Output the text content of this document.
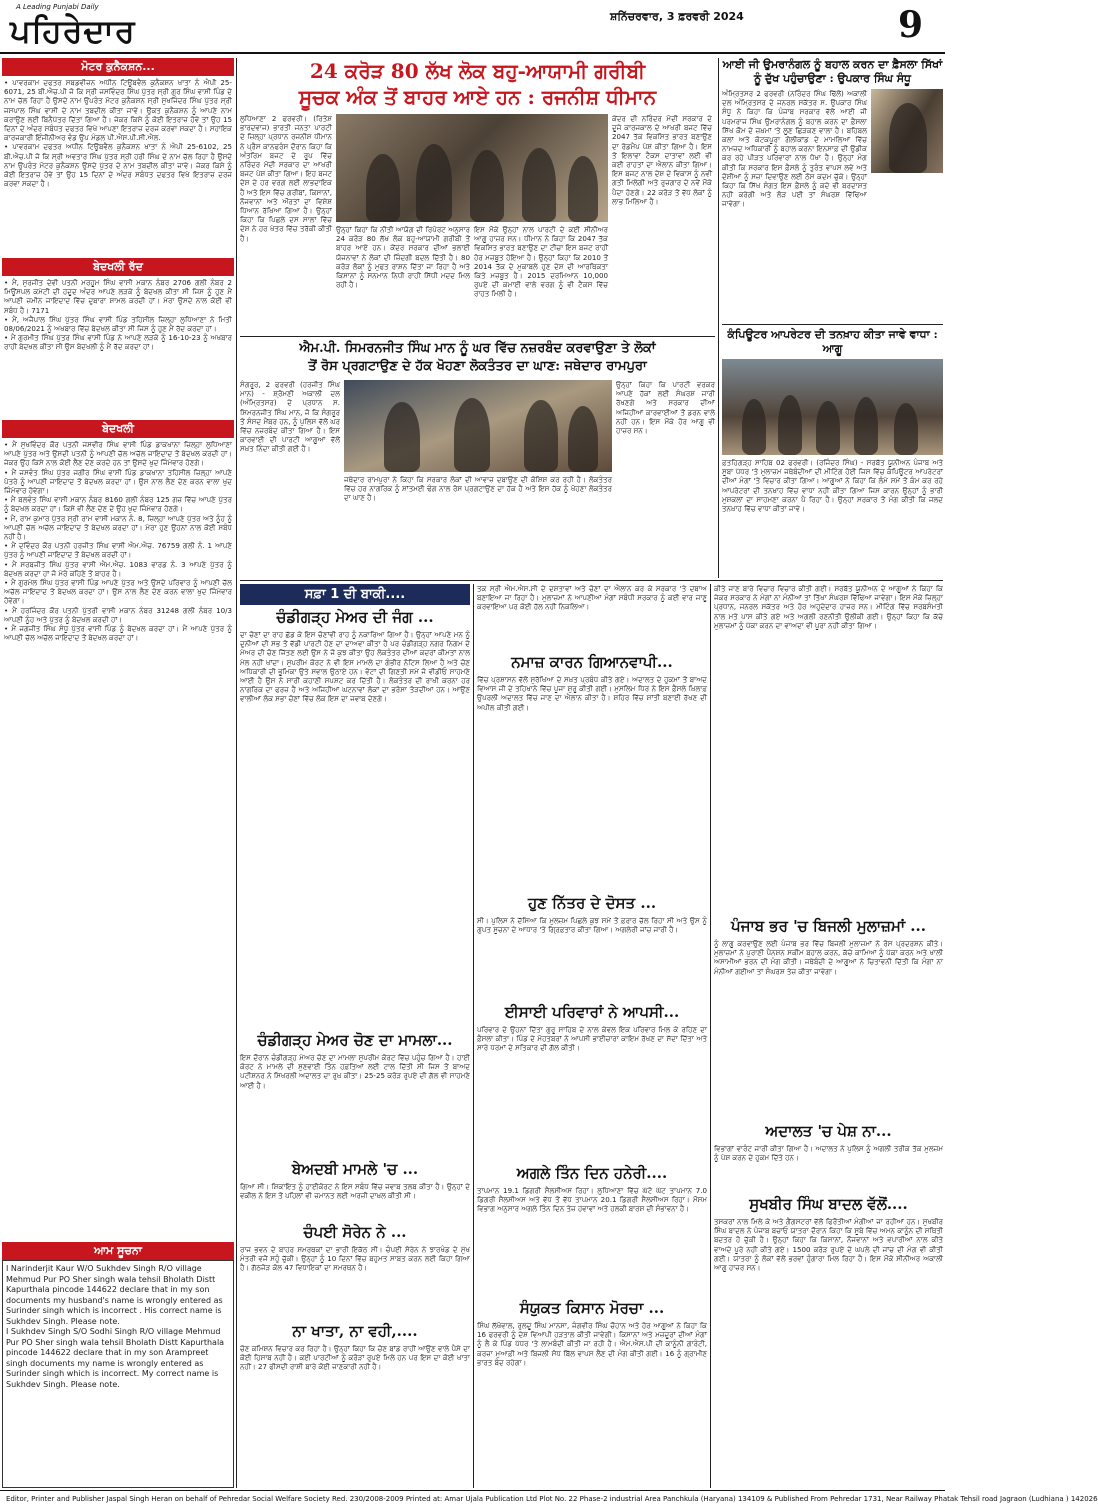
A Leading Punjabi Daily
ਪਹਿਰੇਦਾਰ	ਸ਼ਨਿੱਚਰਵਾਰ, 3 ਫ਼ਰਵਰੀ 2024	9
ਮੋਟਰ ਕੁਨੈਕਸ਼ਨ...
• ਪਾਵਰਕਾਮ ਦਫਤਰ ਸਬਡਵੀਜ਼ਨ ਅਧੀਨ ਟਿਊਬਵੈਲ ਕੁਨੈਕਸ਼ਨ ਖਾਤਾ ਨੰ ਐਪੀ 25-6071, 25 ਬੀ.ਐਚ.ਪੀ ਜੋ ਕਿ ਸ੍ਰੀ ਜਸਵਿੰਦਰ ਸਿੰਘ ਪੁੱਤਰ ਸ੍ਰੀ ਗੁਰ ਸਿੰਘ ਵਾਸੀ ਪਿੰਡ ਦੇ ਨਾਮ ਚੱਲ ਰਿਹਾ ਹੈ ਉਸਦੇ ਨਾਮ ਉਪਰੰਤ ਮੋਟਰ ਕੁਨੈਕਸ਼ਨ ਸ੍ਰੀ ਸੁਖਜਿੰਦਰ ਸਿੰਘ ਪੁੱਤਰ ਸ੍ਰੀ ਜਸਪਾਲ ਸਿੰਘ ਵਾਸੀ ਦੇ ਨਾਮ ਤਬਦੀਲ ਕੀਤਾ ਜਾਵੇ। ਉਕਤ ਕੁਨੈਕਸ਼ਨ ਨੂੰ ਆਪਣੇ ਨਾਮ ਕਰਾਉਣ ਲਈ ਬਿਨੈਪੱਤਰ ਦਿੱਤਾ ਗਿਆ ਹੈ। ਜੇਕਰ ਕਿਸੇ ਨੂੰ ਕੋਈ ਇਤਰਾਜ਼ ਹੋਵੇ ਤਾਂ ਉਹ 15 ਦਿਨਾਂ ਦੇ ਅੰਦਰ ਸਬੰਧਤ ਦਫਤਰ ਵਿਖੇ ਆਪਣਾ ਇਤਰਾਜ਼ ਦਰਜ ਕਰਵਾ ਸਕਦਾ ਹੈ। ਸਹਾਇਕ ਕਾਰਜਕਾਰੀ ਇੰਜੀਨੀਅਰ ਵੰਡ ਉਪ ਮੰਡਲ ਪੀ.ਐਸ.ਪੀ.ਸੀ.ਐਲ.
• ਪਾਵਰਕਾਮ ਦਫਤਰ ਅਧੀਨ ਟਿਊਬਵੈਲ ਕੁਨੈਕਸ਼ਨ ਖਾਤਾ ਨੰ ਐਪੀ 25-6102, 25 ਬੀ.ਐਚ.ਪੀ ਜੋ ਕਿ ਸ੍ਰੀ ਅਵਤਾਰ ਸਿੰਘ ਪੁੱਤਰ ਸ੍ਰੀ ਹਰੀ ਸਿੰਘ ਦੇ ਨਾਮ ਚੱਲ ਰਿਹਾ ਹੈ ਉਸਦੇ ਨਾਮ ਉਪਰੰਤ ਮੋਟਰ ਕੁਨੈਕਸ਼ਨ ਉਸਦੇ ਪੁੱਤਰ ਦੇ ਨਾਮ ਤਬਦੀਲ ਕੀਤਾ ਜਾਵੇ। ਜੇਕਰ ਕਿਸੇ ਨੂੰ ਕੋਈ ਇਤਰਾਜ਼ ਹੋਵੇ ਤਾਂ ਉਹ 15 ਦਿਨਾਂ ਦੇ ਅੰਦਰ ਸਬੰਧਤ ਦਫਤਰ ਵਿਖੇ ਇਤਰਾਜ਼ ਦਰਜ ਕਰਵਾ ਸਕਦਾ ਹੈ।
ਬੇਦਖਲੀ ਰੱਦ
• ਮੈਂ, ਸੁਰਜੀਤ ਦੇਵੀ ਪਤਨੀ ਮਰਹੂਮ ਸਿੰਘ ਵਾਸੀ ਮਕਾਨ ਨੰਬਰ 2706 ਗਲੀ ਨੰਬਰ 2 ਮਿਊਂਸਪਲ ਕਮੇਟੀ ਦੀ ਹਦੂਦ ਅੰਦਰ ਆਪਣੇ ਲੜਕੇ ਨੂੰ ਬੇਦਖਲ ਕੀਤਾ ਸੀ ਜਿਸ ਨੂੰ ਹੁਣ ਮੈਂ ਆਪਣੀ ਜ਼ਮੀਨ ਜਾਇਦਾਦ ਵਿੱਚ ਦੁਬਾਰਾ ਸ਼ਾਮਲ ਕਰਦੀ ਹਾਂ। ਮੇਰਾ ਉਸਦੇ ਨਾਲ ਕੋਈ ਵੀ ਸਬੰਧ ਹੈ। 7171
• ਮੈਂ, ਅਜੈਪਾਲ ਸਿੰਘ ਪੁੱਤਰ ਸਿੰਘ ਵਾਸੀ ਪਿੰਡ ਤਹਿਸੀਲ ਜ਼ਿਲ੍ਹਾ ਲੁਧਿਆਣਾ ਨੇ ਮਿਤੀ 08/06/2021 ਨੂੰ ਅਖਬਾਰ ਵਿੱਚ ਬੇਦਖਲ ਕੀਤਾ ਸੀ ਜਿਸ ਨੂੰ ਹੁਣ ਮੈਂ ਰੱਦ ਕਰਦਾ ਹਾਂ।
• ਮੈਂ ਗੁਰਮੀਤ ਸਿੰਘ ਪੁੱਤਰ ਸਿੰਘ ਵਾਸੀ ਪਿੰਡ ਨੇ ਆਪਣੇ ਲੜਕੇ ਨੂੰ 16-10-23 ਨੂੰ ਅਖਬਾਰ ਰਾਹੀਂ ਬੇਦਖਲ ਕੀਤਾ ਸੀ ਉਸ ਬੇਦਖਲੀ ਨੂੰ ਮੈਂ ਰੱਦ ਕਰਦਾ ਹਾਂ।
ਬੇਦਖਲੀ
• ਮੈਂ ਸੁਖਵਿੰਦਰ ਕੌਰ ਪਤਨੀ ਜਸਵੀਰ ਸਿੰਘ ਵਾਸੀ ਪਿੰਡ ਡਾਕਖਾਨਾ ਜ਼ਿਲ੍ਹਾ ਲੁਧਿਆਣਾ ਆਪਣੇ ਪੁੱਤਰ ਅਤੇ ਉਸਦੀ ਪਤਨੀ ਨੂੰ ਆਪਣੀ ਚੱਲ ਅਚੱਲ ਜਾਇਦਾਦ ਤੋਂ ਬੇਦਖਲ ਕਰਦੀ ਹਾਂ। ਜੇਕਰ ਉਹ ਕਿਸੇ ਨਾਲ ਕੋਈ ਲੈਣ ਦੇਣ ਕਰਦੇ ਹਨ ਤਾਂ ਉਸਦੇ ਖੁਦ ਜਿੰਮੇਵਾਰ ਹੋਣਗੇ।
• ਮੈਂ ਜਸਵੰਤ ਸਿੰਘ ਪੁੱਤਰ ਜਗੀਰ ਸਿੰਘ ਵਾਸੀ ਪਿੰਡ ਡਾਕਖਾਨਾ ਤਹਿਸੀਲ ਜ਼ਿਲ੍ਹਾ ਆਪਣੇ ਪੋਤਰੇ ਨੂੰ ਆਪਣੀ ਜਾਇਦਾਦ ਤੋਂ ਬੇਦਖਲ ਕਰਦਾ ਹਾਂ। ਉਸ ਨਾਲ ਲੈਣ ਦੇਣ ਕਰਨ ਵਾਲਾ ਖੁਦ ਜਿੰਮੇਵਾਰ ਹੋਵੇਗਾ।
• ਮੈਂ ਬਲਵੰਤ ਸਿੰਘ ਵਾਸੀ ਮਕਾਨ ਨੰਬਰ 8160 ਗਲੀ ਨੰਬਰ 125 ਗਜ਼ ਵਿੱਚ ਆਪਣੇ ਪੁੱਤਰ ਨੂੰ ਬੇਦਖਲ ਕਰਦਾ ਹਾਂ। ਕਿਸੇ ਵੀ ਲੈਣ ਦੇਣ ਦੇ ਉਹ ਖੁਦ ਜਿੰਮੇਵਾਰ ਹੋਣਗੇ।
• ਮੈਂ, ਰਾਮ ਕੁਮਾਰ ਪੁੱਤਰ ਸ੍ਰੀ ਰਾਮ ਵਾਸੀ ਮਕਾਨ ਨੰ. 8, ਜ਼ਿਲ੍ਹਾ ਆਪਣੇ ਪੁੱਤਰ ਅਤੇ ਨੂੰਹ ਨੂੰ ਆਪਣੀ ਚੱਲ ਅਚੱਲ ਜਾਇਦਾਦ ਤੋਂ ਬੇਦਖਲ ਕਰਦਾ ਹਾਂ। ਮੇਰਾ ਹੁਣ ਉਹਨਾਂ ਨਾਲ ਕੋਈ ਸਬੰਧ ਨਹੀਂ ਹੈ।
• ਮੈਂ ਦਵਿੰਦਰ ਕੌਰ ਪਤਨੀ ਹਰਜੀਤ ਸਿੰਘ ਵਾਸੀ ਐਮ.ਐਚ. 76759 ਗਲੀ ਨੰ. 1 ਆਪਣੇ ਪੁੱਤਰ ਨੂੰ ਆਪਣੀ ਜਾਇਦਾਦ ਤੋਂ ਬੇਦਖਲ ਕਰਦੀ ਹਾਂ।
• ਮੈਂ ਸਰਬਜੀਤ ਸਿੰਘ ਪੁੱਤਰ ਵਾਸੀ ਐਮ.ਐਚ. 1083 ਵਾਰਡ ਨੰ. 3 ਆਪਣੇ ਪੁੱਤਰ ਨੂੰ ਬੇਦਖਲ ਕਰਦਾ ਹਾਂ ਜੋ ਮੇਰੇ ਕਹਿਣੇ ਤੋਂ ਬਾਹਰ ਹੈ।
• ਮੈਂ ਗੁਰਮੇਲ ਸਿੰਘ ਪੁੱਤਰ ਵਾਸੀ ਪਿੰਡ ਆਪਣੇ ਪੁੱਤਰ ਅਤੇ ਉਸਦੇ ਪਰਿਵਾਰ ਨੂੰ ਆਪਣੀ ਚੱਲ ਅਚੱਲ ਜਾਇਦਾਦ ਤੋਂ ਬੇਦਖਲ ਕਰਦਾ ਹਾਂ। ਉਸ ਨਾਲ ਲੈਣ ਦੇਣ ਕਰਨ ਵਾਲਾ ਖੁਦ ਜਿੰਮੇਵਾਰ ਹੋਵੇਗਾ।
• ਮੈਂ ਹਰਜਿੰਦਰ ਕੌਰ ਪਤਨੀ ਪੁੱਤਰੀ ਵਾਸੀ ਮਕਾਨ ਨੰਬਰ 31248 ਗਲੀ ਨੰਬਰ 10/3 ਆਪਣੀ ਨੂੰਹ ਅਤੇ ਪੁੱਤਰ ਨੂੰ ਬੇਦਖਲ ਕਰਦੀ ਹਾਂ।
• ਮੈਂ ਜਗਜੀਤ ਸਿੰਘ ਸੰਧੂ ਪੁੱਤਰ ਵਾਸੀ ਪਿੰਡ ਨੂੰ ਬੇਦਖਲ ਕਰਦਾ ਹਾਂ। ਮੈਂ ਆਪਣੇ ਪੁੱਤਰ ਨੂੰ ਆਪਣੀ ਚੱਲ ਅਚੱਲ ਜਾਇਦਾਦ ਤੋਂ ਬੇਦਖਲ ਕਰਦਾ ਹਾਂ।
ਆਮ ਸੂਚਨਾ
I Narinderjit Kaur W/O Sukhdev Singh R/O village Mehmud Pur PO Sher singh wala tehsil Bholath Distt Kapurthala pincode 144622 declare that in my son documents my husband's name is wrongly entered as Surinder singh which is incorrect . His correct name is Sukhdev Singh. Please note.
I Sukhdev Singh S/O Sodhi Singh R/O village Mehmud Pur PO Sher singh wala tehsil Bholath Distt Kapurthala pincode 144622 declare that in my son Arampreet singh documents my name is wrongly entered as Surinder singh which is incorrect. My correct name is Sukhdev Singh. Please note.
24 ਕਰੋੜ 80 ਲੱਖ ਲੋਕ ਬਹੁ-ਆਯਾਮੀ ਗਰੀਬੀ
ਸੂਚਕ ਅੰਕ ਤੋਂ ਬਾਹਰ ਆਏ ਹਨ : ਰਜਨੀਸ਼ ਧੀਮਾਨ
ਲੁਧਿਆਣਾ 2 ਫਰਵਰੀ। (ਰਿਤੇਸ਼ ਭਾਰਦਵਾਜ) ਭਾਰਤੀ ਜਨਤਾ ਪਾਰਟੀ ਦੇ ਜ਼ਿਲ੍ਹਾ ਪ੍ਰਧਾਨ ਰਜਨੀਸ਼ ਧੀਮਾਨ ਨੇ ਪ੍ਰੈਸ ਕਾਨਫਰੰਸ ਦੌਰਾਨ ਕਿਹਾ ਕਿ ਅੰਤਰਿਮ ਬਜਟ ਦੇ ਰੂਪ ਵਿੱਚ ਨਰਿੰਦਰ ਮੋਦੀ ਸਰਕਾਰ ਦਾ ਆਖਰੀ ਬਜਟ ਪੇਸ਼ ਕੀਤਾ ਗਿਆ। ਇਹ ਬਜਟ ਦੇਸ਼ ਦੇ ਹਰ ਵਰਗ ਲਈ ਲਾਭਦਾਇਕ ਹੈ ਅਤੇ ਇਸ ਵਿੱਚ ਗਰੀਬਾਂ, ਕਿਸਾਨਾਂ, ਨੌਜਵਾਨਾਂ ਅਤੇ ਔਰਤਾਂ ਦਾ ਵਿਸ਼ੇਸ਼ ਧਿਆਨ ਰੱਖਿਆ ਗਿਆ ਹੈ। ਉਨ੍ਹਾਂ ਕਿਹਾ ਕਿ ਪਿਛਲੇ ਦਸ ਸਾਲਾਂ ਵਿੱਚ ਦੇਸ਼ ਨੇ ਹਰ ਖੇਤਰ ਵਿੱਚ ਤਰੱਕੀ ਕੀਤੀ ਹੈ।
ਉਨ੍ਹਾਂ ਕਿਹਾ ਕਿ ਨੀਤੀ ਆਯੋਗ ਦੀ ਰਿਪੋਰਟ ਅਨੁਸਾਰ 24 ਕਰੋੜ 80 ਲੱਖ ਲੋਕ ਬਹੁ-ਆਯਾਮੀ ਗਰੀਬੀ ਤੋਂ ਬਾਹਰ ਆਏ ਹਨ। ਕੇਂਦਰ ਸਰਕਾਰ ਦੀਆਂ ਭਲਾਈ ਯੋਜਨਾਵਾਂ ਨੇ ਲੋਕਾਂ ਦੀ ਜ਼ਿੰਦਗੀ ਬਦਲ ਦਿੱਤੀ ਹੈ। 80 ਕਰੋੜ ਲੋਕਾਂ ਨੂੰ ਮੁਫਤ ਰਾਸ਼ਨ ਦਿੱਤਾ ਜਾ ਰਿਹਾ ਹੈ ਅਤੇ ਕਿਸਾਨਾਂ ਨੂੰ ਸਨਮਾਨ ਨਿਧੀ ਰਾਹੀਂ ਸਿੱਧੀ ਮਦਦ ਮਿਲ ਰਹੀ ਹੈ।
ਇਸ ਮੌਕੇ ਉਨ੍ਹਾਂ ਨਾਲ ਪਾਰਟੀ ਦੇ ਕਈ ਸੀਨੀਅਰ ਆਗੂ ਹਾਜ਼ਰ ਸਨ। ਧੀਮਾਨ ਨੇ ਕਿਹਾ ਕਿ 2047 ਤੱਕ ਵਿਕਸਿਤ ਭਾਰਤ ਬਣਾਉਣ ਦਾ ਟੀਚਾ ਇਸ ਬਜਟ ਰਾਹੀਂ ਹੋਰ ਮਜ਼ਬੂਤ ਹੋਇਆ ਹੈ। ਉਨ੍ਹਾਂ ਕਿਹਾ ਕਿ 2010 ਤੋਂ 2014 ਤੱਕ ਦੇ ਮੁਕਾਬਲੇ ਹੁਣ ਦੇਸ਼ ਦੀ ਆਰਥਿਕਤਾ ਕਿਤੇ ਮਜ਼ਬੂਤ ਹੈ। 2015 ਦਰਮਿਆਨ 10,000 ਰੁਪਏ ਦੀ ਕਮਾਈ ਵਾਲੇ ਵਰਗ ਨੂੰ ਵੀ ਟੈਕਸ ਵਿੱਚ ਰਾਹਤ ਮਿਲੀ ਹੈ।
ਕੇਂਦਰ ਦੀ ਨਰਿੰਦਰ ਮੋਦੀ ਸਰਕਾਰ ਦੇ ਦੂਜੇ ਕਾਰਜਕਾਲ ਦੇ ਆਖਰੀ ਬਜਟ ਵਿੱਚ 2047 ਤੱਕ ਵਿਕਸਿਤ ਭਾਰਤ ਬਣਾਉਣ ਦਾ ਰੋਡਮੈਪ ਪੇਸ਼ ਕੀਤਾ ਗਿਆ ਹੈ। ਇਸ ਤੋਂ ਇਲਾਵਾ ਟੈਕਸ ਦਾਤਾਵਾਂ ਲਈ ਵੀ ਕਈ ਰਾਹਤਾਂ ਦਾ ਐਲਾਨ ਕੀਤਾ ਗਿਆ। ਇਸ ਬਜਟ ਨਾਲ ਦੇਸ਼ ਦੇ ਵਿਕਾਸ ਨੂੰ ਨਵੀਂ ਗਤੀ ਮਿਲੇਗੀ ਅਤੇ ਰੁਜ਼ਗਾਰ ਦੇ ਨਵੇਂ ਮੌਕੇ ਪੈਦਾ ਹੋਣਗੇ। 22 ਕਰੋੜ ਤੋਂ ਵੱਧ ਲੋਕਾਂ ਨੂੰ ਲਾਭ ਮਿਲਿਆ ਹੈ।
ਐਮ.ਪੀ. ਸਿਮਰਨਜੀਤ ਸਿੰਘ ਮਾਨ ਨੂੰ ਘਰ ਵਿੱਚ ਨਜ਼ਰਬੰਦ ਕਰਵਾਉਣਾ ਤੇ ਲੋਕਾਂ
ਤੋਂ ਰੋਸ ਪ੍ਰਗਟਾਉਣ ਦੇ ਹੱਕ ਖੋਹਣਾ ਲੋਕਤੰਤਰ ਦਾ ਘਾਣ: ਜਥੇਦਾਰ ਰਾਮਪੁਰਾ
ਸੰਗਰੂਰ, 2 ਫਰਵਰੀ (ਹਰਜੀਤ ਸਿੰਘ ਮਾਨ) - ਸ਼੍ਰੋਮਣੀ ਅਕਾਲੀ ਦਲ (ਅੰਮ੍ਰਿਤਸਰ) ਦੇ ਪ੍ਰਧਾਨ ਸ. ਸਿਮਰਨਜੀਤ ਸਿੰਘ ਮਾਨ, ਜੋ ਕਿ ਸੰਗਰੂਰ ਤੋਂ ਸੰਸਦ ਮੈਂਬਰ ਹਨ, ਨੂੰ ਪੁਲਿਸ ਵੱਲੋਂ ਘਰ ਵਿੱਚ ਨਜ਼ਰਬੰਦ ਕੀਤਾ ਗਿਆ ਹੈ। ਇਸ ਕਾਰਵਾਈ ਦੀ ਪਾਰਟੀ ਆਗੂਆਂ ਵੱਲੋਂ ਸਖ਼ਤ ਨਿੰਦਾ ਕੀਤੀ ਗਈ ਹੈ।
ਜਥੇਦਾਰ ਰਾਮਪੁਰਾ ਨੇ ਕਿਹਾ ਕਿ ਸਰਕਾਰ ਲੋਕਾਂ ਦੀ ਆਵਾਜ਼ ਦਬਾਉਣ ਦੀ ਕੋਸ਼ਿਸ਼ ਕਰ ਰਹੀ ਹੈ। ਲੋਕਤੰਤਰ ਵਿੱਚ ਹਰ ਨਾਗਰਿਕ ਨੂੰ ਸ਼ਾਂਤਮਈ ਢੰਗ ਨਾਲ ਰੋਸ ਪ੍ਰਗਟਾਉਣ ਦਾ ਹੱਕ ਹੈ ਅਤੇ ਇਸ ਹੱਕ ਨੂੰ ਖੋਹਣਾ ਲੋਕਤੰਤਰ ਦਾ ਘਾਣ ਹੈ।
ਉਨ੍ਹਾਂ ਕਿਹਾ ਕਿ ਪਾਰਟੀ ਵਰਕਰ ਆਪਣੇ ਹੱਕਾਂ ਲਈ ਸੰਘਰਸ਼ ਜਾਰੀ ਰੱਖਣਗੇ ਅਤੇ ਸਰਕਾਰ ਦੀਆਂ ਅਜਿਹੀਆਂ ਕਾਰਵਾਈਆਂ ਤੋਂ ਡਰਨ ਵਾਲੇ ਨਹੀਂ ਹਨ। ਇਸ ਮੌਕੇ ਹੋਰ ਆਗੂ ਵੀ ਹਾਜ਼ਰ ਸਨ।
ਆਈ ਜੀ ਉਮਰਾਨੰਗਲ ਨੂੰ ਬਹਾਲ ਕਰਨ ਦਾ ਫ਼ੈਸਲਾ ਸਿੱਖਾਂ ਨੂੰ ਦੁੱਖ ਪਹੁੰਚਾਉਣਾ : ਉਪਕਾਰ ਸਿੰਘ ਸੰਧੂ
ਅੰਮ੍ਰਿਤਸਰ 2 ਫਰਵਰੀ (ਨਰਿੰਦਰ ਸਿੰਘ ਢਿੱਲੋਂ) ਅਕਾਲੀ ਦਲ ਅੰਮ੍ਰਿਤਸਰ ਦੇ ਜਨਰਲ ਸਕੱਤਰ ਸ. ਉਪਕਾਰ ਸਿੰਘ ਸੰਧੂ ਨੇ ਕਿਹਾ ਕਿ ਪੰਜਾਬ ਸਰਕਾਰ ਵੱਲੋਂ ਆਈ ਜੀ ਪਰਮਰਾਜ ਸਿੰਘ ਉਮਰਾਨੰਗਲ ਨੂੰ ਬਹਾਲ ਕਰਨ ਦਾ ਫ਼ੈਸਲਾ ਸਿੱਖ ਕੌਮ ਦੇ ਜ਼ਖ਼ਮਾਂ 'ਤੇ ਲੂਣ ਛਿੜਕਣ ਵਾਲਾ ਹੈ। ਬਹਿਬਲ ਕਲਾਂ ਅਤੇ ਕੋਟਕਪੂਰਾ ਗੋਲੀਕਾਂਡ ਦੇ ਮਾਮਲਿਆਂ ਵਿੱਚ ਨਾਮਜ਼ਦ ਅਧਿਕਾਰੀ ਨੂੰ ਬਹਾਲ ਕਰਨਾ ਇਨਸਾਫ਼ ਦੀ ਉਡੀਕ ਕਰ ਰਹੇ ਪੀੜਤ ਪਰਿਵਾਰਾਂ ਨਾਲ ਧੋਖਾ ਹੈ। ਉਨ੍ਹਾਂ ਮੰਗ ਕੀਤੀ ਕਿ ਸਰਕਾਰ ਇਸ ਫ਼ੈਸਲੇ ਨੂੰ ਤੁਰੰਤ ਵਾਪਸ ਲਵੇ ਅਤੇ ਦੋਸ਼ੀਆਂ ਨੂੰ ਸਜ਼ਾ ਦਿਵਾਉਣ ਲਈ ਠੋਸ ਕਦਮ ਚੁੱਕੇ। ਉਨ੍ਹਾਂ ਕਿਹਾ ਕਿ ਸਿੱਖ ਸੰਗਤ ਇਸ ਫ਼ੈਸਲੇ ਨੂੰ ਕਦੇ ਵੀ ਬਰਦਾਸ਼ਤ ਨਹੀਂ ਕਰੇਗੀ ਅਤੇ ਲੋੜ ਪਈ ਤਾਂ ਸੰਘਰਸ਼ ਵਿੱਢਿਆ ਜਾਵੇਗਾ।
ਕੰਪਿਊਟਰ ਆਪਰੇਟਰ ਦੀ ਤਨਖ਼ਾਹ ਕੀਤਾ ਜਾਵੇ ਵਾਧਾ : ਆਗੂ
ਫ਼ਤਹਿਗੜ੍ਹ ਸਾਹਿਬ 02 ਫਰਵਰੀ। (ਰਜਿੰਦਰ ਸਿੰਘ) - ਸਰਬੱਤ ਯੂਨੀਅਨ ਪੰਜਾਬ ਅਤੇ ਸੂਬਾ ਪੱਧਰ 'ਤੇ ਮੁਲਾਜ਼ਮ ਜਥੇਬੰਦੀਆਂ ਦੀ ਮੀਟਿੰਗ ਹੋਈ ਜਿਸ ਵਿੱਚ ਕੰਪਿਊਟਰ ਆਪਰੇਟਰਾਂ ਦੀਆਂ ਮੰਗਾਂ 'ਤੇ ਵਿਚਾਰ ਕੀਤਾ ਗਿਆ। ਆਗੂਆਂ ਨੇ ਕਿਹਾ ਕਿ ਲੰਮੇ ਸਮੇਂ ਤੋਂ ਕੰਮ ਕਰ ਰਹੇ ਆਪਰੇਟਰਾਂ ਦੀ ਤਨਖ਼ਾਹ ਵਿੱਚ ਵਾਧਾ ਨਹੀਂ ਕੀਤਾ ਗਿਆ ਜਿਸ ਕਾਰਨ ਉਨ੍ਹਾਂ ਨੂੰ ਭਾਰੀ ਮੁਸ਼ਕਲਾਂ ਦਾ ਸਾਹਮਣਾ ਕਰਨਾ ਪੈ ਰਿਹਾ ਹੈ। ਉਨ੍ਹਾਂ ਸਰਕਾਰ ਤੋਂ ਮੰਗ ਕੀਤੀ ਕਿ ਜਲਦ ਤਨਖ਼ਾਹ ਵਿੱਚ ਵਾਧਾ ਕੀਤਾ ਜਾਵੇ।
ਸਫ਼ਾ 1 ਦੀ ਬਾਕੀ....
ਚੰਡੀਗੜ੍ਹ ਮੇਅਰ ਦੀ ਜੰਗ ...
ਦਾ ਚੋਣਾਂ ਦਾ ਰਾਹ ਛੱਡ ਕੇ ਇਸ ਚੋਣਾਂਵੀ ਰਾਹ ਨੂੰ ਨਕਾਰਿਆ ਗਿਆ ਹੈ। ਉਨ੍ਹਾਂ ਆਪਣੇ ਮਨ ਨੂੰ ਦੁਨੀਆਂ ਦੀ ਸਭ ਤੋਂ ਵੱਡੀ ਪਾਰਟੀ ਹੋਣ ਦਾ ਦਾਅਵਾ ਕੀਤਾ ਹੈ ਪਰ ਚੰਡੀਗੜ੍ਹ ਨਗਰ ਨਿਗਮ ਦੇ ਮੇਅਰ ਦੀ ਚੋਣ ਜਿੱਤਣ ਲਈ ਉਸ ਨੇ ਜੋ ਕੁਝ ਕੀਤਾ ਉਹ ਲੋਕਤੰਤਰ ਦੀਆਂ ਕਦਰਾਂ ਕੀਮਤਾਂ ਨਾਲ ਮੇਲ ਨਹੀਂ ਖਾਂਦਾ। ਸੁਪਰੀਮ ਕੋਰਟ ਨੇ ਵੀ ਇਸ ਮਾਮਲੇ ਦਾ ਗੰਭੀਰ ਨੋਟਿਸ ਲਿਆ ਹੈ ਅਤੇ ਚੋਣ ਅਧਿਕਾਰੀ ਦੀ ਭੂਮਿਕਾ ਉਤੇ ਸਵਾਲ ਉਠਾਏ ਹਨ। ਵੋਟਾਂ ਦੀ ਗਿਣਤੀ ਸਮੇਂ ਜੋ ਵੀਡੀਓ ਸਾਹਮਣੇ ਆਈ ਹੈ ਉਸ ਨੇ ਸਾਰੀ ਕਹਾਣੀ ਸਪਸ਼ਟ ਕਰ ਦਿੱਤੀ ਹੈ। ਲੋਕਤੰਤਰ ਦੀ ਰਾਖੀ ਕਰਨਾ ਹਰ ਨਾਗਰਿਕ ਦਾ ਫਰਜ਼ ਹੈ ਅਤੇ ਅਜਿਹੀਆਂ ਘਟਨਾਵਾਂ ਲੋਕਾਂ ਦਾ ਭਰੋਸਾ ਤੋੜਦੀਆਂ ਹਨ। ਆਉਣ ਵਾਲੀਆਂ ਲੋਕ ਸਭਾ ਚੋਣਾਂ ਵਿੱਚ ਲੋਕ ਇਸ ਦਾ ਜਵਾਬ ਦੇਣਗੇ।
ਚੰਡੀਗੜ੍ਹ ਮੇਅਰ ਚੋਣ ਦਾ ਮਾਮਲਾ...
ਇਸ ਦੌਰਾਨ ਚੰਡੀਗੜ੍ਹ ਮੇਅਰ ਚੋਣ ਦਾ ਮਾਮਲਾ ਸੁਪਰੀਮ ਕੋਰਟ ਵਿੱਚ ਪਹੁੰਚ ਗਿਆ ਹੈ। ਹਾਈ ਕੋਰਟ ਨੇ ਮਾਮਲੇ ਦੀ ਸੁਣਵਾਈ ਤਿੰਨ ਹਫ਼ਤਿਆਂ ਲਈ ਟਾਲ ਦਿੱਤੀ ਸੀ ਜਿਸ ਤੋਂ ਬਾਅਦ ਪਟੀਸ਼ਨਰ ਨੇ ਸਿਖਰਲੀ ਅਦਾਲਤ ਦਾ ਰੁਖ਼ ਕੀਤਾ। 25-25 ਕਰੋੜ ਰੁਪਏ ਦੀ ਗੱਲ ਵੀ ਸਾਹਮਣੇ ਆਈ ਹੈ।
ਬੇਅਦਬੀ ਮਾਮਲੇ 'ਚ ...
ਗਿਆ ਸੀ। ਸ਼ਿਕਾਇਤ ਨੂੰ ਹਾਈਕੋਰਟ ਨੇ ਇਸ ਸਬੰਧ ਵਿੱਚ ਜਵਾਬ ਤਲਬ ਕੀਤਾ ਹੈ। ਉਨ੍ਹਾਂ ਦੇ ਵਕੀਲ ਨੇ ਇਸ ਤੋਂ ਪਹਿਲਾਂ ਵੀ ਜ਼ਮਾਨਤ ਲਈ ਅਰਜ਼ੀ ਦਾਖ਼ਲ ਕੀਤੀ ਸੀ।
ਚੰਪਈ ਸੋਰੇਨ ਨੇ ...
ਰਾਜ ਭਵਨ ਦੇ ਬਾਹਰ ਸਮਰਥਕਾਂ ਦਾ ਭਾਰੀ ਇਕੱਠ ਸੀ। ਚੰਪਈ ਸੋਰੇਨ ਨੇ ਝਾਰਖੰਡ ਦੇ ਮੁੱਖ ਮੰਤਰੀ ਵਜੋਂ ਸਹੁੰ ਚੁੱਕੀ। ਉਨ੍ਹਾਂ ਨੂੰ 10 ਦਿਨਾਂ ਵਿੱਚ ਬਹੁਮਤ ਸਾਬਤ ਕਰਨ ਲਈ ਕਿਹਾ ਗਿਆ ਹੈ। ਗੱਠਜੋੜ ਕੋਲ 47 ਵਿਧਾਇਕਾਂ ਦਾ ਸਮਰਥਨ ਹੈ।
ਨਾ ਖਾਤਾ, ਨਾ ਵਹੀ,....
ਚੋਣ ਕਮਿਸ਼ਨ ਵਿਚਾਰ ਕਰ ਰਿਹਾ ਹੈ। ਉਨ੍ਹਾਂ ਕਿਹਾ ਕਿ ਚੋਣ ਬਾਂਡ ਰਾਹੀਂ ਆਉਣ ਵਾਲੇ ਪੈਸੇ ਦਾ ਕੋਈ ਹਿਸਾਬ ਨਹੀਂ ਹੈ। ਕਈ ਪਾਰਟੀਆਂ ਨੂੰ ਕਰੋੜਾਂ ਰੁਪਏ ਮਿਲੇ ਹਨ ਪਰ ਇਸ ਦਾ ਕੋਈ ਖਾਤਾ ਨਹੀਂ। 27 ਫੀਸਦੀ ਰਾਸ਼ੀ ਬਾਰੇ ਕੋਈ ਜਾਣਕਾਰੀ ਨਹੀਂ ਹੈ।
ਤਕ ਸ੍ਰੀ ਐਮ.ਐਸ.ਸੀ ਦੇ ਦਸ਼ਤਾਵਾਂ ਅਤੇ ਚੋਣਾਂ ਦਾ ਐਲਾਨ ਕਰ ਕੇ ਸਰਕਾਰ 'ਤੇ ਦਬਾਅ ਬਣਾਇਆ ਜਾ ਰਿਹਾ ਹੈ। ਮੁਲਾਜ਼ਮਾਂ ਨੇ ਆਪਣੀਆਂ ਮੰਗਾਂ ਸਬੰਧੀ ਸਰਕਾਰ ਨੂੰ ਕਈ ਵਾਰ ਜਾਣੂ ਕਰਵਾਇਆ ਪਰ ਕੋਈ ਹੱਲ ਨਹੀਂ ਨਿਕਲਿਆ।
ਨਮਾਜ਼ ਕਾਰਨ ਗਿਆਨਵਾਪੀ...
ਵਿੱਚ ਪ੍ਰਸ਼ਾਸਨ ਵੱਲੋਂ ਸੁਰੱਖਿਆ ਦੇ ਸਖ਼ਤ ਪ੍ਰਬੰਧ ਕੀਤੇ ਗਏ। ਅਦਾਲਤ ਦੇ ਹੁਕਮਾਂ ਤੋਂ ਬਾਅਦ ਵਿਆਸ ਜੀ ਦੇ ਤਹਿਖਾਨੇ ਵਿੱਚ ਪੂਜਾ ਸ਼ੁਰੂ ਕੀਤੀ ਗਈ। ਮੁਸਲਿਮ ਧਿਰ ਨੇ ਇਸ ਫ਼ੈਸਲੇ ਖ਼ਿਲਾਫ਼ ਉਪਰਲੀ ਅਦਾਲਤ ਵਿੱਚ ਜਾਣ ਦਾ ਐਲਾਨ ਕੀਤਾ ਹੈ। ਸ਼ਹਿਰ ਵਿੱਚ ਸ਼ਾਂਤੀ ਬਣਾਈ ਰੱਖਣ ਦੀ ਅਪੀਲ ਕੀਤੀ ਗਈ।
ਹੁਣ ਨਿੱਤਰ ਦੇ ਦੋਸਤ ...
ਸੀ। ਪੁਲਿਸ ਨੇ ਦੱਸਿਆ ਕਿ ਮੁਲਜ਼ਮ ਪਿਛਲੇ ਕੁਝ ਸਮੇਂ ਤੋਂ ਫ਼ਰਾਰ ਚੱਲ ਰਿਹਾ ਸੀ ਅਤੇ ਉਸ ਨੂੰ ਗੁਪਤ ਸੂਚਨਾ ਦੇ ਆਧਾਰ 'ਤੇ ਗ੍ਰਿਫ਼ਤਾਰ ਕੀਤਾ ਗਿਆ। ਅਗਲੇਰੀ ਜਾਂਚ ਜਾਰੀ ਹੈ।
ਈਸਾਈ ਪਰਿਵਾਰਾਂ ਨੇ ਆਪਸੀ...
ਪਰਿਵਾਰ ਦੇ ਉਹਨਾਂ ਦਿੱਤਾ ਗੁਰੂ ਸਾਹਿਬ ਦੇ ਨਾਲ ਕੇਵਲ ਇਕ ਪਰਿਵਾਰ ਮਿਲ ਕੇ ਰਹਿਣ ਦਾ ਫ਼ੈਸਲਾ ਕੀਤਾ। ਪਿੰਡ ਦੇ ਮੋਹਤਬਰਾਂ ਨੇ ਆਪਸੀ ਭਾਈਚਾਰਾ ਕਾਇਮ ਰੱਖਣ ਦਾ ਸੱਦਾ ਦਿੱਤਾ ਅਤੇ ਸਾਰੇ ਧਰਮਾਂ ਦੇ ਸਤਿਕਾਰ ਦੀ ਗੱਲ ਕੀਤੀ।
ਅਗਲੇ ਤਿੰਨ ਦਿਨ ਹਨੇਰੀ....
ਤਾਪਮਾਨ 19.1 ਡਿਗਰੀ ਸੈਲਸੀਅਸ ਰਿਹਾ। ਲੁਧਿਆਣਾ ਵਿੱਚ ਘੱਟੋ ਘੱਟ ਤਾਪਮਾਨ 7.0 ਡਿਗਰੀ ਸੈਲਸੀਅਸ ਅਤੇ ਵੱਧ ਤੋਂ ਵੱਧ ਤਾਪਮਾਨ 20.1 ਡਿਗਰੀ ਸੈਲਸੀਅਸ ਰਿਹਾ। ਮੌਸਮ ਵਿਭਾਗ ਅਨੁਸਾਰ ਅਗਲੇ ਤਿੰਨ ਦਿਨ ਤੇਜ਼ ਹਵਾਵਾਂ ਅਤੇ ਹਲਕੀ ਬਾਰਸ਼ ਦੀ ਸੰਭਾਵਨਾ ਹੈ।
ਸੰਯੁਕਤ ਕਿਸਾਨ ਮੋਰਚਾ ...
ਸਿੰਘ ਲੱਖੋਵਾਲ, ਰੁਲਦੂ ਸਿੰਘ ਮਾਨਸਾ, ਜੰਗਵੀਰ ਸਿੰਘ ਚੌਹਾਨ ਅਤੇ ਹੋਰ ਆਗੂਆਂ ਨੇ ਕਿਹਾ ਕਿ 16 ਫਰਵਰੀ ਨੂੰ ਦੇਸ਼ ਵਿਆਪੀ ਹੜਤਾਲ ਕੀਤੀ ਜਾਵੇਗੀ। ਕਿਸਾਨਾਂ ਅਤੇ ਮਜ਼ਦੂਰਾਂ ਦੀਆਂ ਮੰਗਾਂ ਨੂੰ ਲੈ ਕੇ ਪਿੰਡ ਪੱਧਰ 'ਤੇ ਲਾਮਬੰਦੀ ਕੀਤੀ ਜਾ ਰਹੀ ਹੈ। ਐਮ.ਐਸ.ਪੀ ਦੀ ਕਾਨੂੰਨੀ ਗਾਰੰਟੀ, ਕਰਜ਼ਾ ਮੁਆਫ਼ੀ ਅਤੇ ਬਿਜਲੀ ਸੋਧ ਬਿੱਲ ਵਾਪਸ ਲੈਣ ਦੀ ਮੰਗ ਕੀਤੀ ਗਈ। 16 ਨੂੰ ਗ੍ਰਾਮੀਣ ਭਾਰਤ ਬੰਦ ਰਹੇਗਾ।
ਕੀਤੇ ਜਾਣ ਬਾਰੇ ਵਿਚਾਰ ਵਿਚਾਰ ਕੀਤੀ ਗਈ। ਸਰਬੱਤ ਯੂਨੀਅਨ ਦੇ ਆਗੂਆਂ ਨੇ ਕਿਹਾ ਕਿ ਜੇਕਰ ਸਰਕਾਰ ਨੇ ਮੰਗਾਂ ਨਾ ਮੰਨੀਆਂ ਤਾਂ ਤਿੱਖਾ ਸੰਘਰਸ਼ ਵਿੱਢਿਆ ਜਾਵੇਗਾ। ਇਸ ਮੌਕੇ ਜ਼ਿਲ੍ਹਾ ਪ੍ਰਧਾਨ, ਜਨਰਲ ਸਕੱਤਰ ਅਤੇ ਹੋਰ ਅਹੁਦੇਦਾਰ ਹਾਜ਼ਰ ਸਨ। ਮੀਟਿੰਗ ਵਿੱਚ ਸਰਬਸੰਮਤੀ ਨਾਲ ਮਤੇ ਪਾਸ ਕੀਤੇ ਗਏ ਅਤੇ ਅਗਲੀ ਰਣਨੀਤੀ ਉਲੀਕੀ ਗਈ। ਉਨ੍ਹਾਂ ਕਿਹਾ ਕਿ ਕੱਚੇ ਮੁਲਾਜ਼ਮਾਂ ਨੂੰ ਪੱਕਾ ਕਰਨ ਦਾ ਵਾਅਦਾ ਵੀ ਪੂਰਾ ਨਹੀਂ ਕੀਤਾ ਗਿਆ।
ਪੰਜਾਬ ਭਰ 'ਚ ਬਿਜਲੀ ਮੁਲਾਜ਼ਮਾਂ ...
ਨੂੰ ਲਾਗੂ ਕਰਵਾਉਣ ਲਈ ਪੰਜਾਬ ਭਰ ਵਿੱਚ ਬਿਜਲੀ ਮੁਲਾਜ਼ਮਾਂ ਨੇ ਰੋਸ ਪ੍ਰਦਰਸ਼ਨ ਕੀਤੇ। ਮੁਲਾਜ਼ਮਾਂ ਨੇ ਪੁਰਾਣੀ ਪੈਨਸ਼ਨ ਸਕੀਮ ਬਹਾਲ ਕਰਨ, ਕੱਚੇ ਕਾਮਿਆਂ ਨੂੰ ਪੱਕਾ ਕਰਨ ਅਤੇ ਖਾਲੀ ਅਸਾਮੀਆਂ ਭਰਨ ਦੀ ਮੰਗ ਕੀਤੀ। ਜਥੇਬੰਦੀ ਦੇ ਆਗੂਆਂ ਨੇ ਚਿਤਾਵਨੀ ਦਿੱਤੀ ਕਿ ਮੰਗਾਂ ਨਾ ਮੰਨੀਆਂ ਗਈਆਂ ਤਾਂ ਸੰਘਰਸ਼ ਤੇਜ਼ ਕੀਤਾ ਜਾਵੇਗਾ।
ਅਦਾਲਤ 'ਚ ਪੇਸ਼ ਨਾ...
ਵਿਭਾਗਾਂ ਵਾਰੰਟ ਜਾਰੀ ਕੀਤਾ ਗਿਆ ਹੈ। ਅਦਾਲਤ ਨੇ ਪੁਲਿਸ ਨੂੰ ਅਗਲੀ ਤਰੀਕ ਤੱਕ ਮੁਲਜ਼ਮ ਨੂੰ ਪੇਸ਼ ਕਰਨ ਦੇ ਹੁਕਮ ਦਿੱਤੇ ਹਨ।
ਸੁਖਬੀਰ ਸਿੰਘ ਬਾਦਲ ਵੱਲੋਂ....
ਤਸਕਰਾਂ ਨਾਲ ਮਿਲੇ ਕੇ ਅਤੇ ਗੈਂਗਸਟਰਾਂ ਵੱਲੋਂ ਫਿਰੌਤੀਆਂ ਮੰਗੀਆਂ ਜਾ ਰਹੀਆਂ ਹਨ। ਸੁਖਬੀਰ ਸਿੰਘ ਬਾਦਲ ਨੇ ਪੰਜਾਬ ਬਚਾਓ ਯਾਤਰਾ ਦੌਰਾਨ ਕਿਹਾ ਕਿ ਸੂਬੇ ਵਿੱਚ ਅਮਨ ਕਾਨੂੰਨ ਦੀ ਸਥਿਤੀ ਬਦਤਰ ਹੋ ਚੁੱਕੀ ਹੈ। ਉਨ੍ਹਾਂ ਕਿਹਾ ਕਿ ਕਿਸਾਨਾਂ, ਨੌਜਵਾਨਾਂ ਅਤੇ ਵਪਾਰੀਆਂ ਨਾਲ ਕੀਤੇ ਵਾਅਦੇ ਪੂਰੇ ਨਹੀਂ ਕੀਤੇ ਗਏ। 1500 ਕਰੋੜ ਰੁਪਏ ਦੇ ਘਪਲੇ ਦੀ ਜਾਂਚ ਦੀ ਮੰਗ ਵੀ ਕੀਤੀ ਗਈ। ਯਾਤਰਾ ਨੂੰ ਲੋਕਾਂ ਵੱਲੋਂ ਭਰਵਾਂ ਹੁੰਗਾਰਾ ਮਿਲ ਰਿਹਾ ਹੈ। ਇਸ ਮੌਕੇ ਸੀਨੀਅਰ ਅਕਾਲੀ ਆਗੂ ਹਾਜ਼ਰ ਸਨ।
Editor, Printer and Publisher Jaspal Singh Heran on behalf of Pehredar Social Welfare Society Red. 230/2008-2009 Printed at: Amar Ujala Publication Ltd Plot No. 22 Phase-2 industrial Area Panchkula (Haryana) 134109 & Published From Pehredar 1731, Near Railway Phatak Tehsil road Jagraon (Ludhiana ) 142026
